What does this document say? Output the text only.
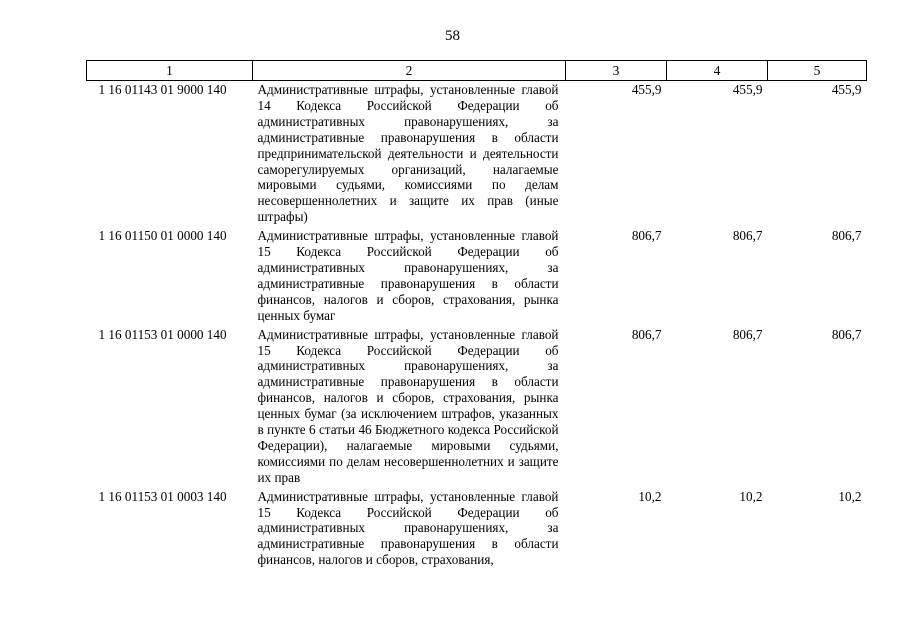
58
1	2	3	4	5
1 16 01143 01 9000 140	Административные штрафы, установленные главой 14 Кодекса Российской Федерации об административных правонарушениях, за административные правонарушения в области предпринимательской деятельности и деятельности саморегулируемых организаций, налагаемые мировыми судьями, комиссиями по делам несовершеннолетних и защите их прав (иные штрафы)	455,9	455,9	455,9
1 16 01150 01 0000 140	Административные штрафы, установленные главой 15 Кодекса Российской Федерации об административных правонарушениях, за административные правонарушения в области финансов, налогов и сборов, страхования, рынка ценных бумаг	806,7	806,7	806,7
1 16 01153 01 0000 140	Административные штрафы, установленные главой 15 Кодекса Российской Федерации об административных правонарушениях, за административные правонарушения в области финансов, налогов и сборов, страхования, рынка ценных бумаг (за исключением штрафов, указанных в пункте 6 статьи 46 Бюджетного кодекса Российской Федерации), налагаемые мировыми судьями, комиссиями по делам несовершеннолетних и защите их прав	806,7	806,7	806,7
1 16 01153 01 0003 140	Административные штрафы, установленные главой 15 Кодекса Российской Федерации об административных правонарушениях, за административные правонарушения в области финансов, налогов и сборов, страхования,	10,2	10,2	10,2
